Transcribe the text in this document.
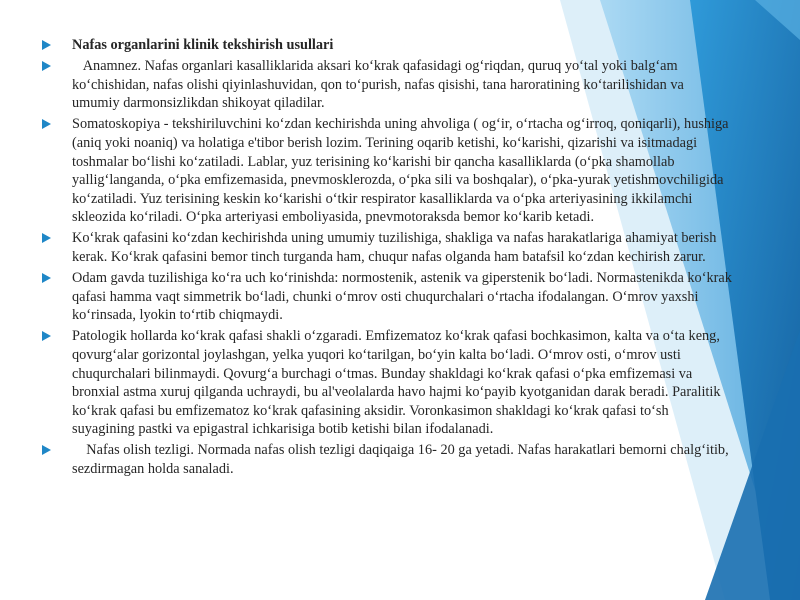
Nafas organlarini klinik tekshirish usullari
Anamnez. Nafas organlari kasalliklarida aksari ko‘krak qafasidagi og‘riqdan, quruq yo‘tal yoki balg‘am ko‘chishidan, nafas olishi qiyinlashuvidan, qon to‘purish, nafas qisishi, tana haroratining ko‘tarilishidan va umumiy darmonsizlikdan shikoyat qiladilar.
Somatoskopiya - tekshiriluvchini ko‘zdan kechirishda uning ahvoliga ( og‘ir, o‘rtacha og‘irroq, qoniqarli), hushiga (aniq yoki noaniq) va holatiga e'tibor berish lozim. Terining oqarib ketishi, ko‘karishi, qizarishi va isitmadagi toshmalar bo‘lishi ko‘zatiladi. Lablar, yuz terisining ko‘karishi bir qancha kasalliklarda (o‘pka shamollab yallig‘langanda, o‘pka emfizemasida, pnevmosklerozda, o‘pka sili va boshqalar), o‘pka-yurak yetishmovchiligida ko‘zatiladi. Yuz terisining keskin ko‘karishi o‘tkir respirator kasalliklarda va o‘pka arteriyasining ikkilamchi skleozida ko‘riladi. O‘pka arteriyasi emboliyasida, pnevmotoraksda bemor ko‘karib ketadi.
Ko‘krak qafasini ko‘zdan kechirishda uning umumiy tuzilishiga, shakliga va nafas harakatlariga ahamiyat berish kerak. Ko‘krak qafasini bemor tinch turganda ham, chuqur nafas olganda ham batafsil ko‘zdan kechirish zarur.
Odam gavda tuzilishiga ko‘ra uch ko‘rinishda: normostenik, astenik va giperstenik bo‘ladi. Normastenikda ko‘krak qafasi hamma vaqt simmetrik bo‘ladi, chunki o‘mrov osti chuqurchalari o‘rtacha ifodalangan. O‘mrov yaxshi ko‘rinsada, lyokin to‘rtib chiqmaydi.
Patologik hollarda ko‘krak qafasi shakli o‘zgaradi. Emfizematoz ko‘krak qafasi bochkasimon, kalta va o‘ta keng, qovurg‘alar gorizontal joylashgan, yelka yuqori ko‘tarilgan, bo‘yin kalta bo‘ladi. O‘mrov osti, o‘mrov usti chuqurchalari bilinmaydi. Qovurg‘a burchagi o‘tmas. Bunday shakldagi ko‘krak qafasi o‘pka emfizemasi va bronxial astma xuruj qilganda uchraydi, bu al'veolalarda havo hajmi ko‘payib kyotganidan darak beradi. Paralitik ko‘krak qafasi bu emfizematoz ko‘krak qafasining aksidir. Voronkasimon shakldagi ko‘krak qafasi to‘sh suyagining pastki va epigastral ichkarisiga botib ketishi bilan ifodalanadi.
Nafas olish tezligi. Normada nafas olish tezligi daqiqaiga 16- 20 ga yetadi. Nafas harakatlari bemorni chalg‘itib, sezdirmagan holda sanaladi.
